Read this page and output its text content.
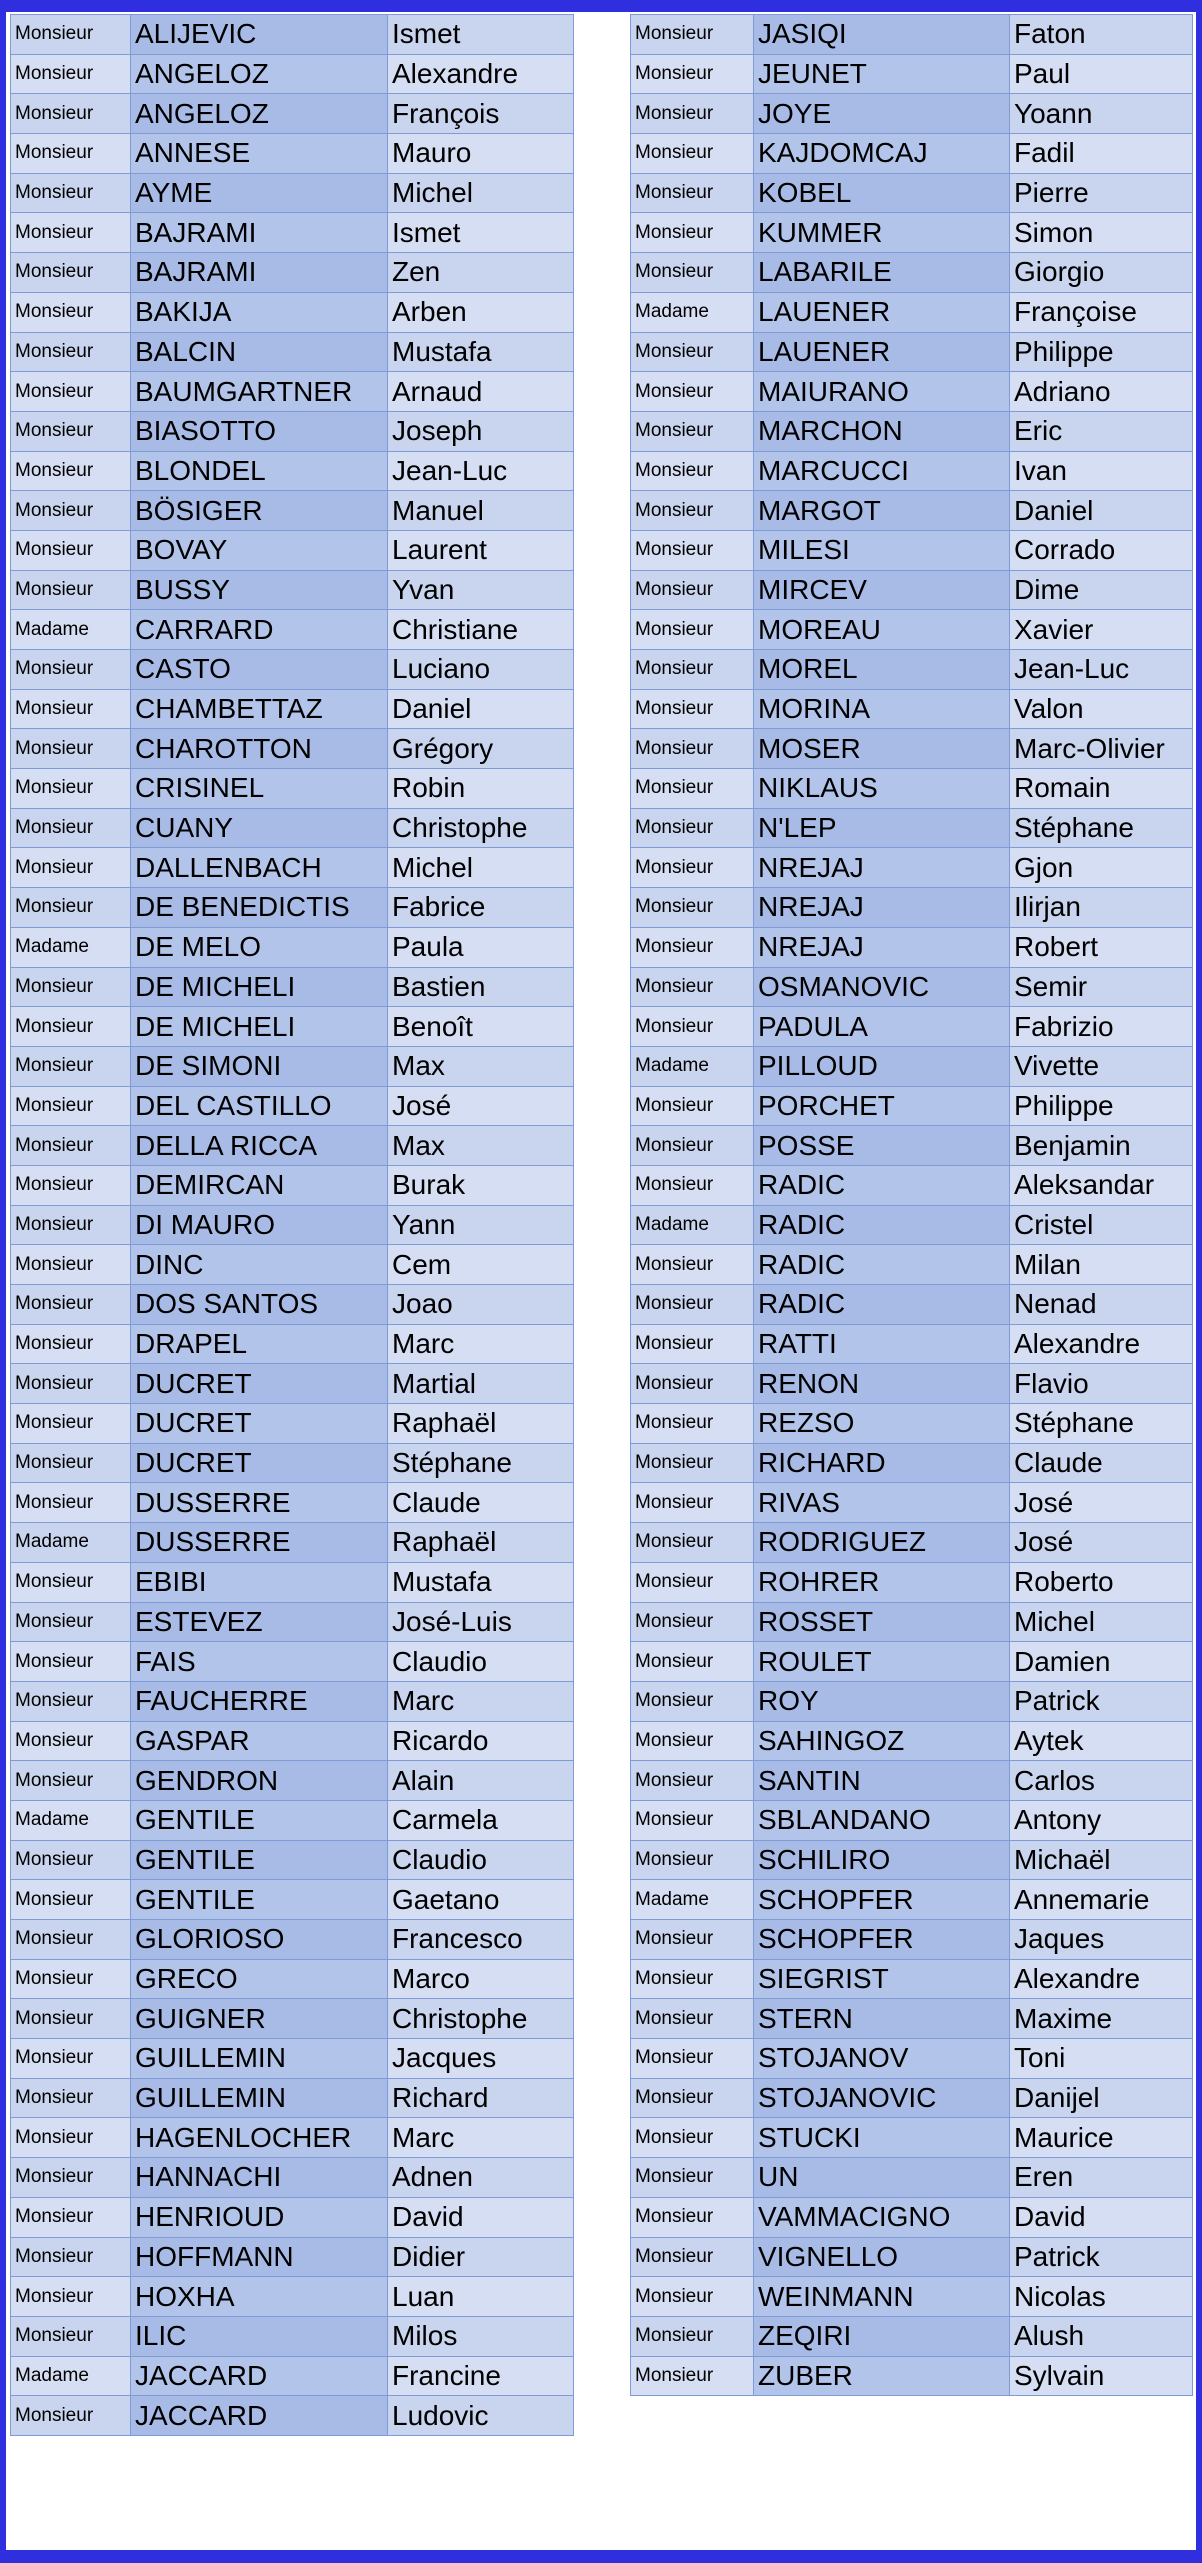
Monsieur	ALIJEVIC	Ismet
Monsieur	ANGELOZ	Alexandre
Monsieur	ANGELOZ	François
Monsieur	ANNESE	Mauro
Monsieur	AYME	Michel
Monsieur	BAJRAMI	Ismet
Monsieur	BAJRAMI	Zen
Monsieur	BAKIJA	Arben
Monsieur	BALCIN	Mustafa
Monsieur	BAUMGARTNER	Arnaud
Monsieur	BIASOTTO	Joseph
Monsieur	BLONDEL	Jean-Luc
Monsieur	BÖSIGER	Manuel
Monsieur	BOVAY	Laurent
Monsieur	BUSSY	Yvan
Madame	CARRARD	Christiane
Monsieur	CASTO	Luciano
Monsieur	CHAMBETTAZ	Daniel
Monsieur	CHAROTTON	Grégory
Monsieur	CRISINEL	Robin
Monsieur	CUANY	Christophe
Monsieur	DALLENBACH	Michel
Monsieur	DE BENEDICTIS	Fabrice
Madame	DE MELO	Paula
Monsieur	DE MICHELI	Bastien
Monsieur	DE MICHELI	Benoît
Monsieur	DE SIMONI	Max
Monsieur	DEL CASTILLO	José
Monsieur	DELLA RICCA	Max
Monsieur	DEMIRCAN	Burak
Monsieur	DI MAURO	Yann
Monsieur	DINC	Cem
Monsieur	DOS SANTOS	Joao
Monsieur	DRAPEL	Marc
Monsieur	DUCRET	Martial
Monsieur	DUCRET	Raphaël
Monsieur	DUCRET	Stéphane
Monsieur	DUSSERRE	Claude
Madame	DUSSERRE	Raphaël
Monsieur	EBIBI	Mustafa
Monsieur	ESTEVEZ	José-Luis
Monsieur	FAIS	Claudio
Monsieur	FAUCHERRE	Marc
Monsieur	GASPAR	Ricardo
Monsieur	GENDRON	Alain
Madame	GENTILE	Carmela
Monsieur	GENTILE	Claudio
Monsieur	GENTILE	Gaetano
Monsieur	GLORIOSO	Francesco
Monsieur	GRECO	Marco
Monsieur	GUIGNER	Christophe
Monsieur	GUILLEMIN	Jacques
Monsieur	GUILLEMIN	Richard
Monsieur	HAGENLOCHER	Marc
Monsieur	HANNACHI	Adnen
Monsieur	HENRIOUD	David
Monsieur	HOFFMANN	Didier
Monsieur	HOXHA	Luan
Monsieur	ILIC	Milos
Madame	JACCARD	Francine
Monsieur	JACCARD	Ludovic
Monsieur	JASIQI	Faton
Monsieur	JEUNET	Paul
Monsieur	JOYE	Yoann
Monsieur	KAJDOMCAJ	Fadil
Monsieur	KOBEL	Pierre
Monsieur	KUMMER	Simon
Monsieur	LABARILE	Giorgio
Madame	LAUENER	Françoise
Monsieur	LAUENER	Philippe
Monsieur	MAIURANO	Adriano
Monsieur	MARCHON	Eric
Monsieur	MARCUCCI	Ivan
Monsieur	MARGOT	Daniel
Monsieur	MILESI	Corrado
Monsieur	MIRCEV	Dime
Monsieur	MOREAU	Xavier
Monsieur	MOREL	Jean-Luc
Monsieur	MORINA	Valon
Monsieur	MOSER	Marc-Olivier
Monsieur	NIKLAUS	Romain
Monsieur	N'LEP	Stéphane
Monsieur	NREJAJ	Gjon
Monsieur	NREJAJ	Ilirjan
Monsieur	NREJAJ	Robert
Monsieur	OSMANOVIC	Semir
Monsieur	PADULA	Fabrizio
Madame	PILLOUD	Vivette
Monsieur	PORCHET	Philippe
Monsieur	POSSE	Benjamin
Monsieur	RADIC	Aleksandar
Madame	RADIC	Cristel
Monsieur	RADIC	Milan
Monsieur	RADIC	Nenad
Monsieur	RATTI	Alexandre
Monsieur	RENON	Flavio
Monsieur	REZSO	Stéphane
Monsieur	RICHARD	Claude
Monsieur	RIVAS	José
Monsieur	RODRIGUEZ	José
Monsieur	ROHRER	Roberto
Monsieur	ROSSET	Michel
Monsieur	ROULET	Damien
Monsieur	ROY	Patrick
Monsieur	SAHINGOZ	Aytek
Monsieur	SANTIN	Carlos
Monsieur	SBLANDANO	Antony
Monsieur	SCHILIRO	Michaël
Madame	SCHOPFER	Annemarie
Monsieur	SCHOPFER	Jaques
Monsieur	SIEGRIST	Alexandre
Monsieur	STERN	Maxime
Monsieur	STOJANOV	Toni
Monsieur	STOJANOVIC	Danijel
Monsieur	STUCKI	Maurice
Monsieur	UN	Eren
Monsieur	VAMMACIGNO	David
Monsieur	VIGNELLO	Patrick
Monsieur	WEINMANN	Nicolas
Monsieur	ZEQIRI	Alush
Monsieur	ZUBER	Sylvain
